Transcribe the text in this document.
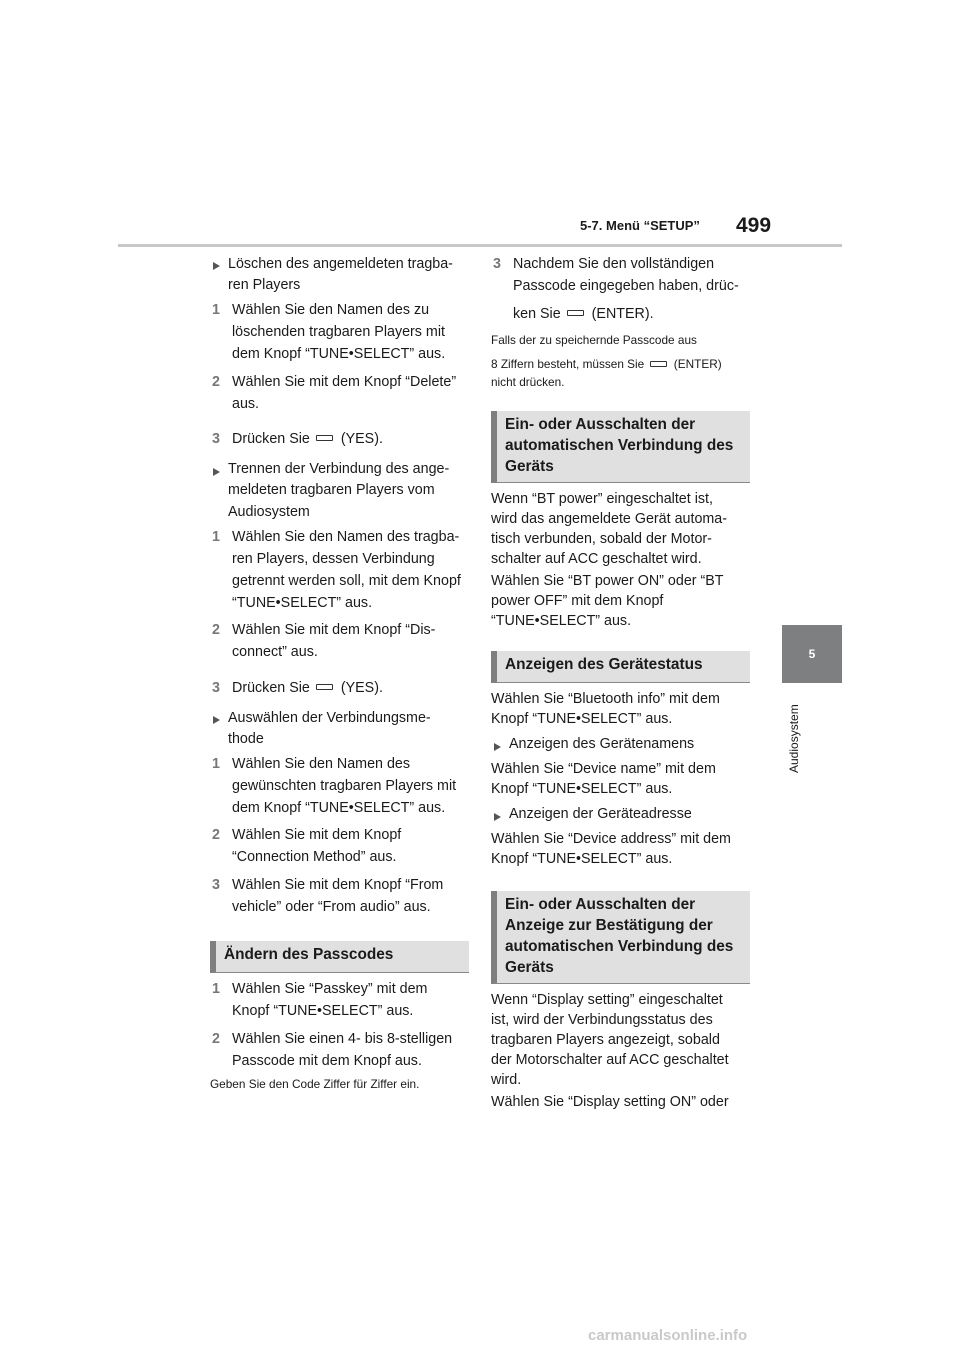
5-7. Menü “SETUP” 499
5
Audiosystem
Löschen des angemeldeten tragba-
ren Players
1 Wählen Sie den Namen des zu
löschenden tragbaren Players mit
dem Knopf “TUNE•SELECT” aus.
2 Wählen Sie mit dem Knopf “Delete”
aus.
3 Drücken Sie (YES).
Trennen der Verbindung des ange-
meldeten tragbaren Players vom
Audiosystem
1 Wählen Sie den Namen des tragba-
ren Players, dessen Verbindung
getrennt werden soll, mit dem Knopf
“TUNE•SELECT” aus.
2 Wählen Sie mit dem Knopf “Dis-
connect” aus.
3 Drücken Sie (YES).
Auswählen der Verbindungsme-
thode
1 Wählen Sie den Namen des
gewünschten tragbaren Players mit
dem Knopf “TUNE•SELECT” aus.
2 Wählen Sie mit dem Knopf
“Connection Method” aus.
3 Wählen Sie mit dem Knopf “From
vehicle” oder “From audio” aus.
Ändern des Passcodes
1 Wählen Sie “Passkey” mit dem
Knopf “TUNE•SELECT” aus.
2 Wählen Sie einen 4- bis 8-stelligen
Passcode mit dem Knopf aus.
Geben Sie den Code Ziffer für Ziffer ein.
3 Nachdem Sie den vollständigen
Passcode eingegeben haben, drüc-
ken Sie (ENTER).
Falls der zu speichernde Passcode aus
8 Ziffern besteht, müssen Sie	(ENTER)
nicht drücken.
Ein- oder Ausschalten der
automatischen Verbindung des
Geräts
Wenn “BT power” eingeschaltet ist,
wird das angemeldete Gerät automa-
tisch verbunden, sobald der Motor-
schalter auf ACC geschaltet wird.
Wählen Sie “BT power ON” oder “BT
power OFF” mit dem Knopf
“TUNE•SELECT” aus.
Anzeigen des Gerätestatus
Wählen Sie “Bluetooth info” mit dem
Knopf “TUNE•SELECT” aus.
Anzeigen des Gerätenamens
Wählen Sie “Device name” mit dem
Knopf “TUNE•SELECT” aus.
Anzeigen der Geräteadresse
Wählen Sie “Device address” mit dem
Knopf “TUNE•SELECT” aus.
Ein- oder Ausschalten der
Anzeige zur Bestätigung der
automatischen Verbindung des
Geräts
Wenn “Display setting” eingeschaltet
ist, wird der Verbindungsstatus des
tragbaren Players angezeigt, sobald
der Motorschalter auf ACC geschaltet
wird.
Wählen Sie “Display setting ON” oder
carmanualsonline.info
